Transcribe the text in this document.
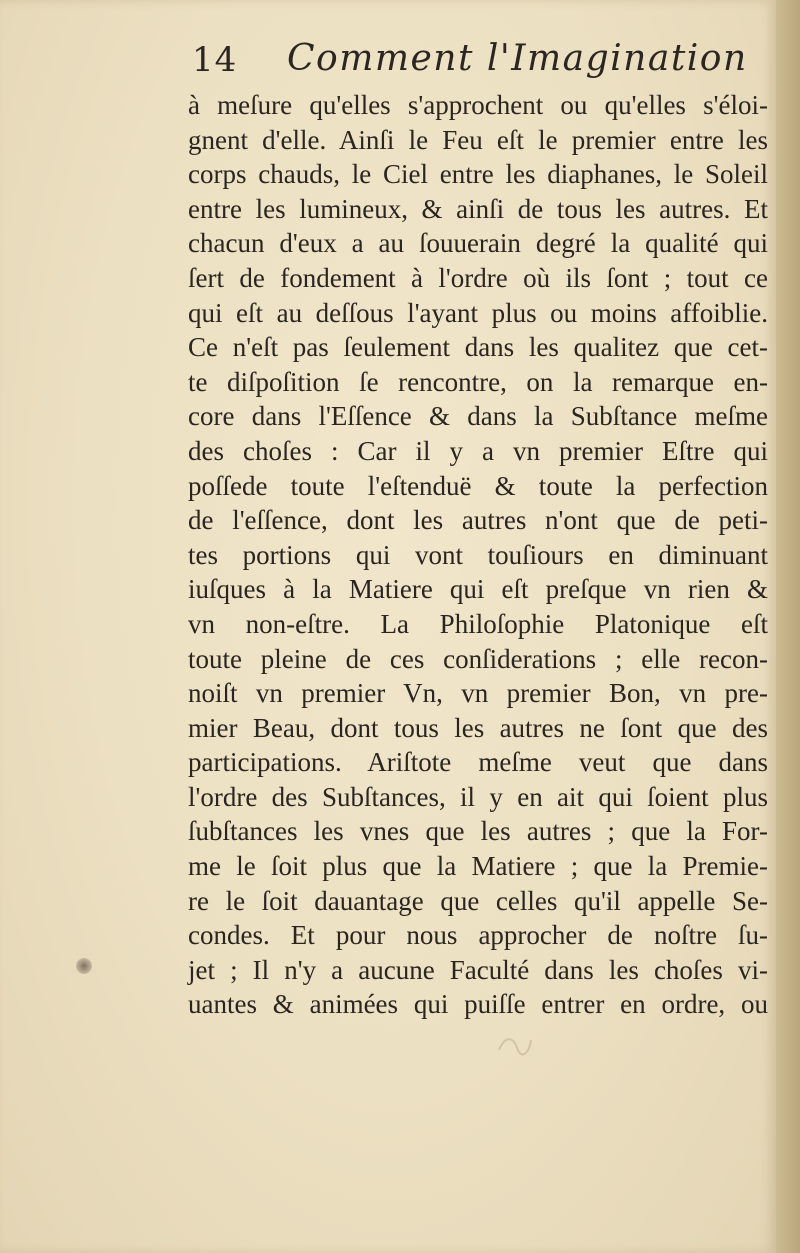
14 Comment l'Imagination
à meſure qu'elles s'approchent ou qu'elles s'éloi-
gnent d'elle. Ainſi le Feu eſt le premier entre les
corps chauds, le Ciel entre les diaphanes, le Soleil
entre les lumineux, & ainſi de tous les autres. Et
chacun d'eux a au ſouuerain degré la qualité qui
ſert de fondement à l'ordre où ils ſont ; tout ce
qui eſt au deſſous l'ayant plus ou moins affoiblie.
Ce n'eſt pas ſeulement dans les qualitez que cet-
te diſpoſition ſe rencontre, on la remarque en-
core dans l'Eſſence & dans la Subſtance meſme
des choſes : Car il y a vn premier Eſtre qui
poſſede toute l'eſtenduë & toute la perfection
de l'eſſence, dont les autres n'ont que de peti-
tes portions qui vont touſiours en diminuant
iuſques à la Matiere qui eſt preſque vn rien &
vn non-eſtre. La Philoſophie Platonique eſt
toute pleine de ces conſiderations ; elle recon-
noiſt vn premier Vn, vn premier Bon, vn pre-
mier Beau, dont tous les autres ne ſont que des
participations. Ariſtote meſme veut que dans
l'ordre des Subſtances, il y en ait qui ſoient plus
ſubſtances les vnes que les autres ; que la For-
me le ſoit plus que la Matiere ; que la Premie-
re le ſoit dauantage que celles qu'il appelle Se-
condes. Et pour nous approcher de noſtre ſu-
jet ; Il n'y a aucune Faculté dans les choſes vi-
uantes & animées qui puiſſe entrer en ordre, ou
